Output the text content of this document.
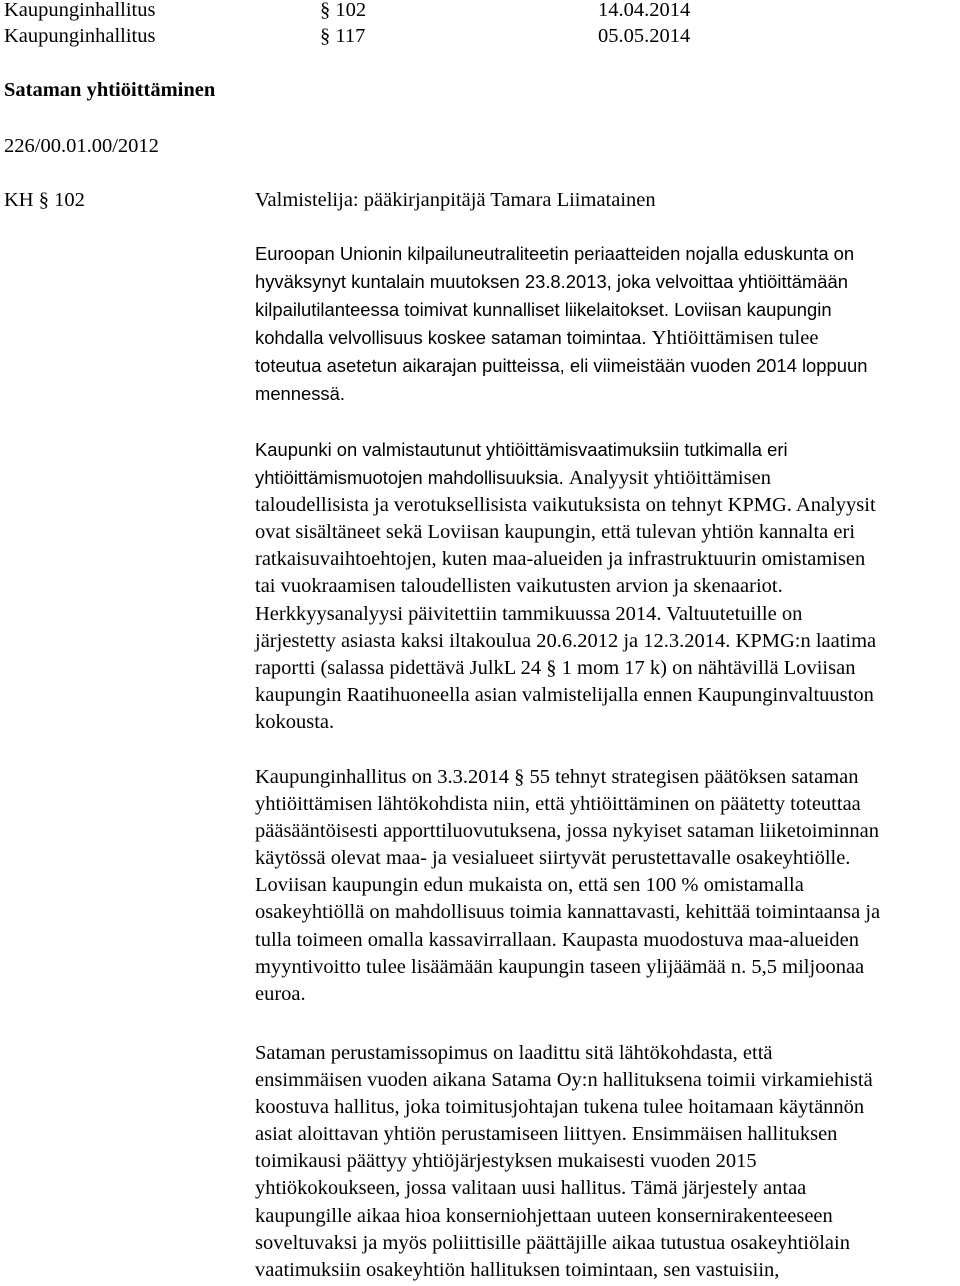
Kaupunginhallitus	§ 102	14.04.2014
Kaupunginhallitus	§ 117	05.05.2014
Sataman yhtiöittäminen
226/00.01.00/2012
KH § 102	Valmistelija: pääkirjanpitäjä Tamara Liimatainen
Euroopan Unionin kilpailuneutraliteetin periaatteiden nojalla eduskunta on
hyväksynyt kuntalain muutoksen 23.8.2013, joka velvoittaa yhtiöittämään
kilpailutilanteessa toimivat kunnalliset liikelaitokset. Loviisan kaupungin
kohdalla velvollisuus koskee sataman toimintaa. Yhtiöittämisen tulee
toteutua asetetun aikarajan puitteissa, eli viimeistään vuoden 2014 loppuun
mennessä.
Kaupunki on valmistautunut yhtiöittämisvaatimuksiin tutkimalla eri
yhtiöittämismuotojen mahdollisuuksia. Analyysit yhtiöittämisen
taloudellisista ja verotuksellisista vaikutuksista on tehnyt KPMG. Analyysit
ovat sisältäneet sekä Loviisan kaupungin, että tulevan yhtiön kannalta eri
ratkaisuvaihtoehtojen, kuten maa-alueiden ja infrastruktuurin omistamisen
tai vuokraamisen taloudellisten vaikutusten arvion ja skenaariot.
Herkkyysanalyysi päivitettiin tammikuussa 2014. Valtuutetuille on
järjestetty asiasta kaksi iltakoulua 20.6.2012 ja 12.3.2014. KPMG:n laatima
raportti (salassa pidettävä JulkL 24 § 1 mom 17 k) on nähtävillä Loviisan
kaupungin Raatihuoneella asian valmistelijalla ennen Kaupunginvaltuuston
kokousta.
Kaupunginhallitus on 3.3.2014 § 55 tehnyt strategisen päätöksen sataman
yhtiöittämisen lähtökohdista niin, että yhtiöittäminen on päätetty toteuttaa
pääsääntöisesti apporttiluovutuksena, jossa nykyiset sataman liiketoiminnan
käytössä olevat maa- ja vesialueet siirtyvät perustettavalle osakeyhtiölle.
Loviisan kaupungin edun mukaista on, että sen 100 % omistamalla
osakeyhtiöllä on mahdollisuus toimia kannattavasti, kehittää toimintaansa ja
tulla toimeen omalla kassavirrallaan. Kaupasta muodostuva maa-alueiden
myyntivoitto tulee lisäämään kaupungin taseen ylijäämää n. 5,5 miljoonaa
euroa.
Sataman perustamissopimus on laadittu sitä lähtökohdasta, että
ensimmäisen vuoden aikana Satama Oy:n hallituksena toimii virkamiehistä
koostuva hallitus, joka toimitusjohtajan tukena tulee hoitamaan käytännön
asiat aloittavan yhtiön perustamiseen liittyen. Ensimmäisen hallituksen
toimikausi päättyy yhtiöjärjestyksen mukaisesti vuoden 2015
yhtiökokoukseen, jossa valitaan uusi hallitus. Tämä järjestely antaa
kaupungille aikaa hioa konserniohjettaan uuteen konsernirakenteeseen
soveltuvaksi ja myös poliittisille päättäjille aikaa tutustua osakeyhtiölain
vaatimuksiin osakeyhtiön hallituksen toimintaan, sen vastuisiin,
